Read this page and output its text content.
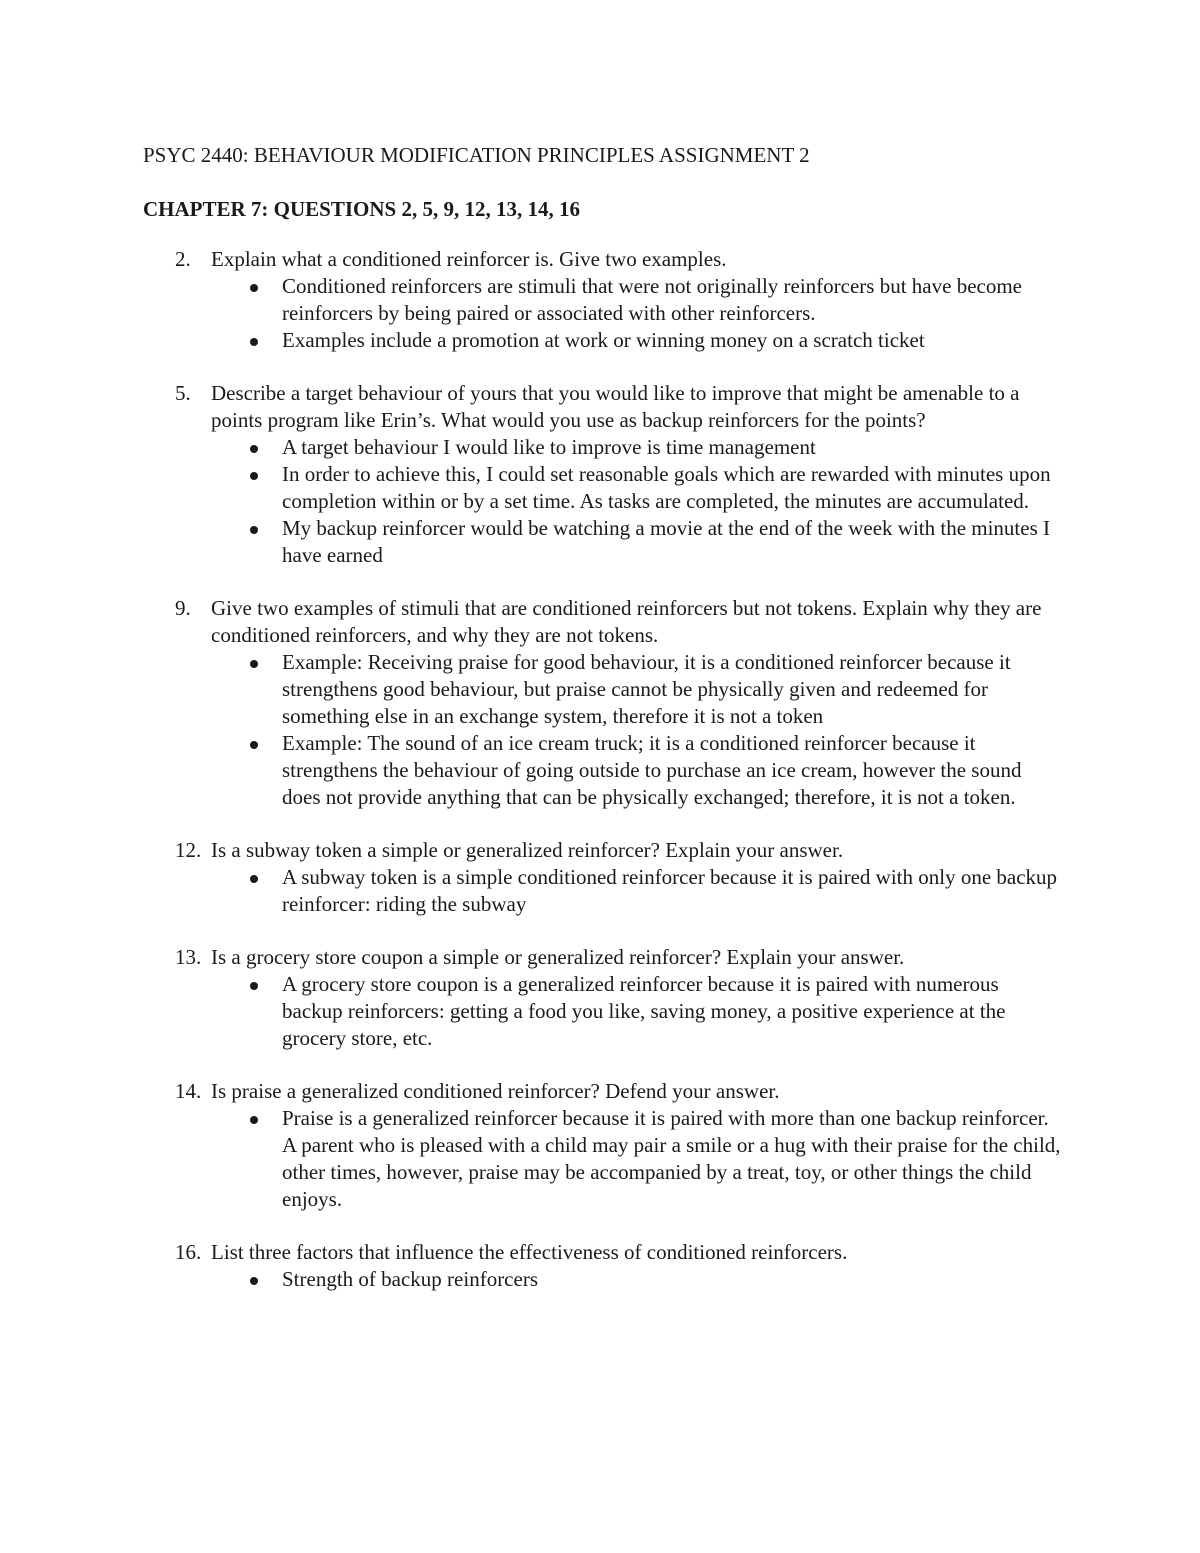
PSYC 2440: BEHAVIOUR MODIFICATION PRINCIPLES ASSIGNMENT 2
CHAPTER 7: QUESTIONS 2, 5, 9, 12, 13, 14, 16
2. Explain what a conditioned reinforcer is. Give two examples.
Conditioned reinforcers are stimuli that were not originally reinforcers but have become reinforcers by being paired or associated with other reinforcers.
Examples include a promotion at work or winning money on a scratch ticket
5. Describe a target behaviour of yours that you would like to improve that might be amenable to a points program like Erin’s. What would you use as backup reinforcers for the points?
A target behaviour I would like to improve is time management
In order to achieve this, I could set reasonable goals which are rewarded with minutes upon completion within or by a set time. As tasks are completed, the minutes are accumulated.
My backup reinforcer would be watching a movie at the end of the week with the minutes I have earned
9. Give two examples of stimuli that are conditioned reinforcers but not tokens. Explain why they are conditioned reinforcers, and why they are not tokens.
Example: Receiving praise for good behaviour, it is a conditioned reinforcer because it strengthens good behaviour, but praise cannot be physically given and redeemed for something else in an exchange system, therefore it is not a token
Example: The sound of an ice cream truck; it is a conditioned reinforcer because it strengthens the behaviour of going outside to purchase an ice cream, however the sound does not provide anything that can be physically exchanged; therefore, it is not a token.
12. Is a subway token a simple or generalized reinforcer? Explain your answer.
A subway token is a simple conditioned reinforcer because it is paired with only one backup reinforcer: riding the subway
13. Is a grocery store coupon a simple or generalized reinforcer? Explain your answer.
A grocery store coupon is a generalized reinforcer because it is paired with numerous backup reinforcers: getting a food you like, saving money, a positive experience at the grocery store, etc.
14. Is praise a generalized conditioned reinforcer? Defend your answer.
Praise is a generalized reinforcer because it is paired with more than one backup reinforcer. A parent who is pleased with a child may pair a smile or a hug with their praise for the child, other times, however, praise may be accompanied by a treat, toy, or other things the child enjoys.
16. List three factors that influence the effectiveness of conditioned reinforcers.
Strength of backup reinforcers
